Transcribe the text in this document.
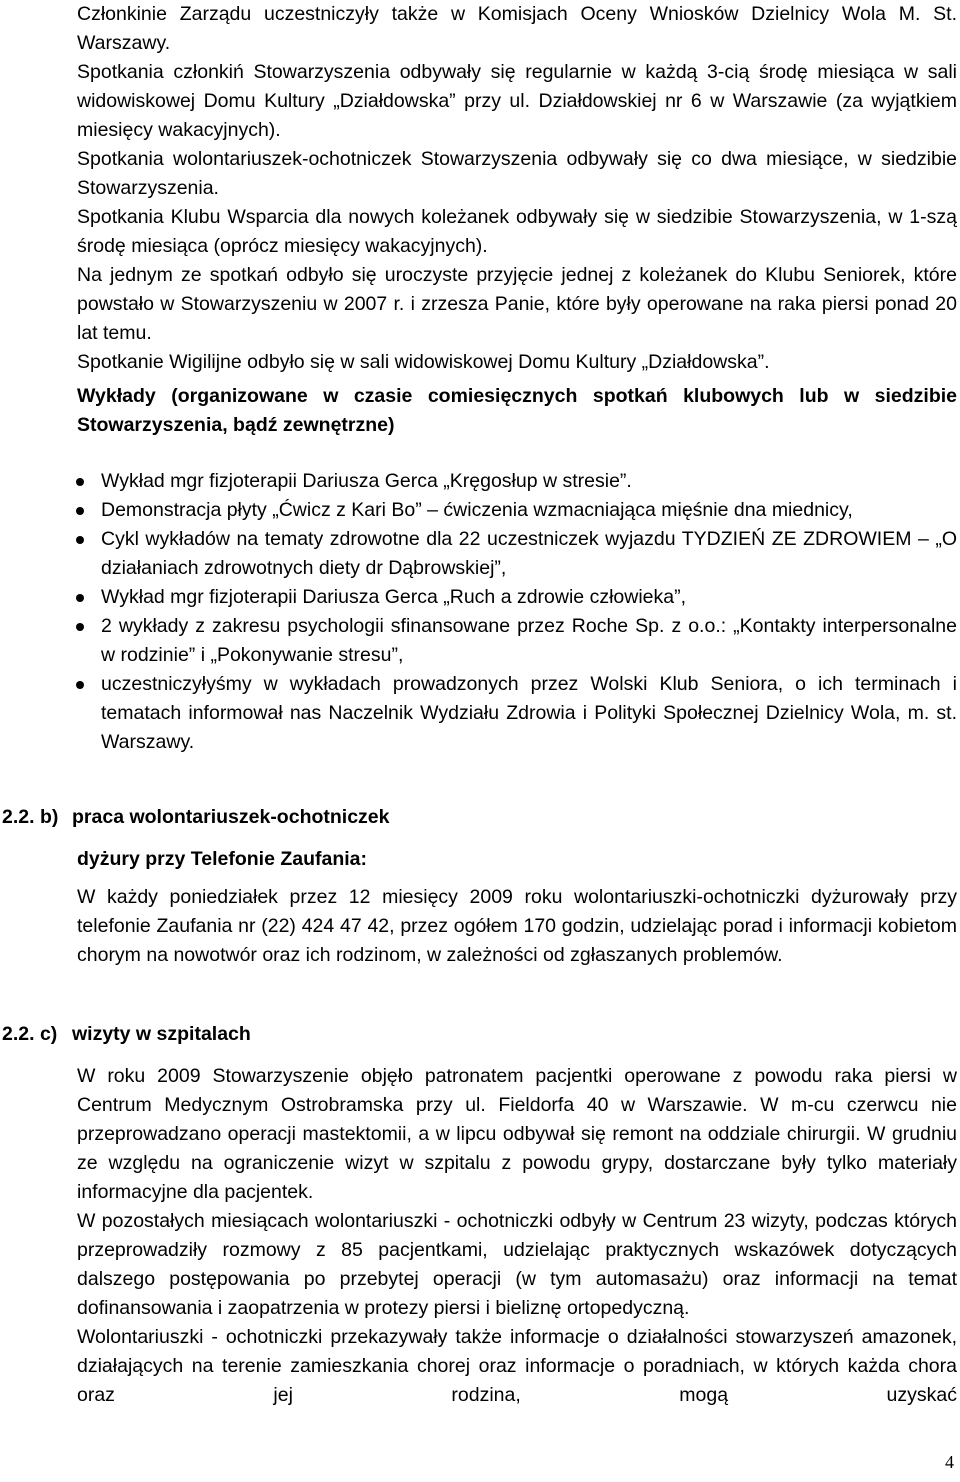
Członkinie Zarządu uczestniczyły także w Komisjach Oceny Wniosków Dzielnicy Wola M. St. Warszawy.

Spotkania członkiń Stowarzyszenia odbywały się regularnie w każdą 3-cią środę miesiąca w sali widowiskowej Domu Kultury „Działdowska” przy ul. Działdowskiej nr 6 w Warszawie (za wyjątkiem miesięcy wakacyjnych).

Spotkania wolontariuszek-ochotniczek Stowarzyszenia odbywały się co dwa miesiące, w siedzibie Stowarzyszenia.

Spotkania Klubu Wsparcia dla nowych koleżanek odbywały się w siedzibie Stowarzyszenia, w 1-szą środę miesiąca (oprócz miesięcy wakacyjnych).

Na jednym ze spotkań odbyło się uroczyste przyjęcie jednej z koleżanek do Klubu Seniorek, które powstało w Stowarzyszeniu w 2007 r. i zrzesza Panie, które były operowane na raka piersi ponad 20 lat temu.

Spotkanie Wigilijne odbyło się w sali widowiskowej Domu Kultury „Działdowska”.

Wykłady (organizowane w czasie comiesięcznych spotkań klubowych lub w siedzibie Stowarzyszenia, bądź zewnętrzne)

Wykład mgr fizjoterapii Dariusza Gerca „Kręgosłup w stresie”.
Demonstracja płyty „Ćwicz z Kari Bo” – ćwiczenia wzmacniająca mięśnie dna miednicy,
Cykl wykładów na tematy zdrowotne dla 22 uczestniczek wyjazdu TYDZIEŃ ZE ZDROWIEM – „O działaniach zdrowotnych diety dr Dąbrowskiej”,
Wykład mgr fizjoterapii Dariusza Gerca „Ruch a zdrowie człowieka”,
2 wykłady z zakresu psychologii sfinansowane przez Roche Sp. z o.o.: „Kontakty interpersonalne w rodzinie” i „Pokonywanie stresu”,
uczestniczyłyśmy w wykładach prowadzonych przez Wolski Klub Seniora, o ich terminach i tematach informował nas Naczelnik Wydziału Zdrowia i Polityki Społecznej Dzielnicy Wola, m. st. Warszawy.
2.2. b) praca wolontariuszek-ochotniczek
dyżury przy Telefonie Zaufania:

W każdy poniedziałek przez 12 miesięcy 2009 roku wolontariuszki-ochotniczki dyżurowały przy telefonie Zaufania nr (22) 424 47 42, przez ogółem 170 godzin, udzielając porad i informacji kobietom chorym na nowotwór oraz ich rodzinom, w zależności od zgłaszanych problemów.

2.2. c) wizyty w szpitalach

W roku 2009 Stowarzyszenie objęło patronatem pacjentki operowane z powodu raka piersi w Centrum Medycznym Ostrobramska przy ul. Fieldorfa 40 w Warszawie. W m-cu czerwcu nie przeprowadzano operacji mastektomii, a w lipcu odbywał się remont na oddziale chirurgii. W grudniu ze względu na ograniczenie wizyt w szpitalu z powodu grypy, dostarczane były tylko materiały informacyjne dla pacjentek.

W pozostałych miesiącach wolontariuszki - ochotniczki odbyły w Centrum 23 wizyty, podczas których przeprowadziły rozmowy z 85 pacjentkami, udzielając praktycznych wskazówek dotyczących dalszego postępowania po przebytej operacji (w tym automasażu) oraz informacji na temat dofinansowania i zaopatrzenia w protezy piersi i bieliznę ortopedyczną.

Wolontariuszki - ochotniczki przekazywały także informacje o działalności stowarzyszeń amazonek, działających na terenie zamieszkania chorej oraz informacje o poradniach, w których każda chora oraz jej rodzina, mogą uzyskać

4
